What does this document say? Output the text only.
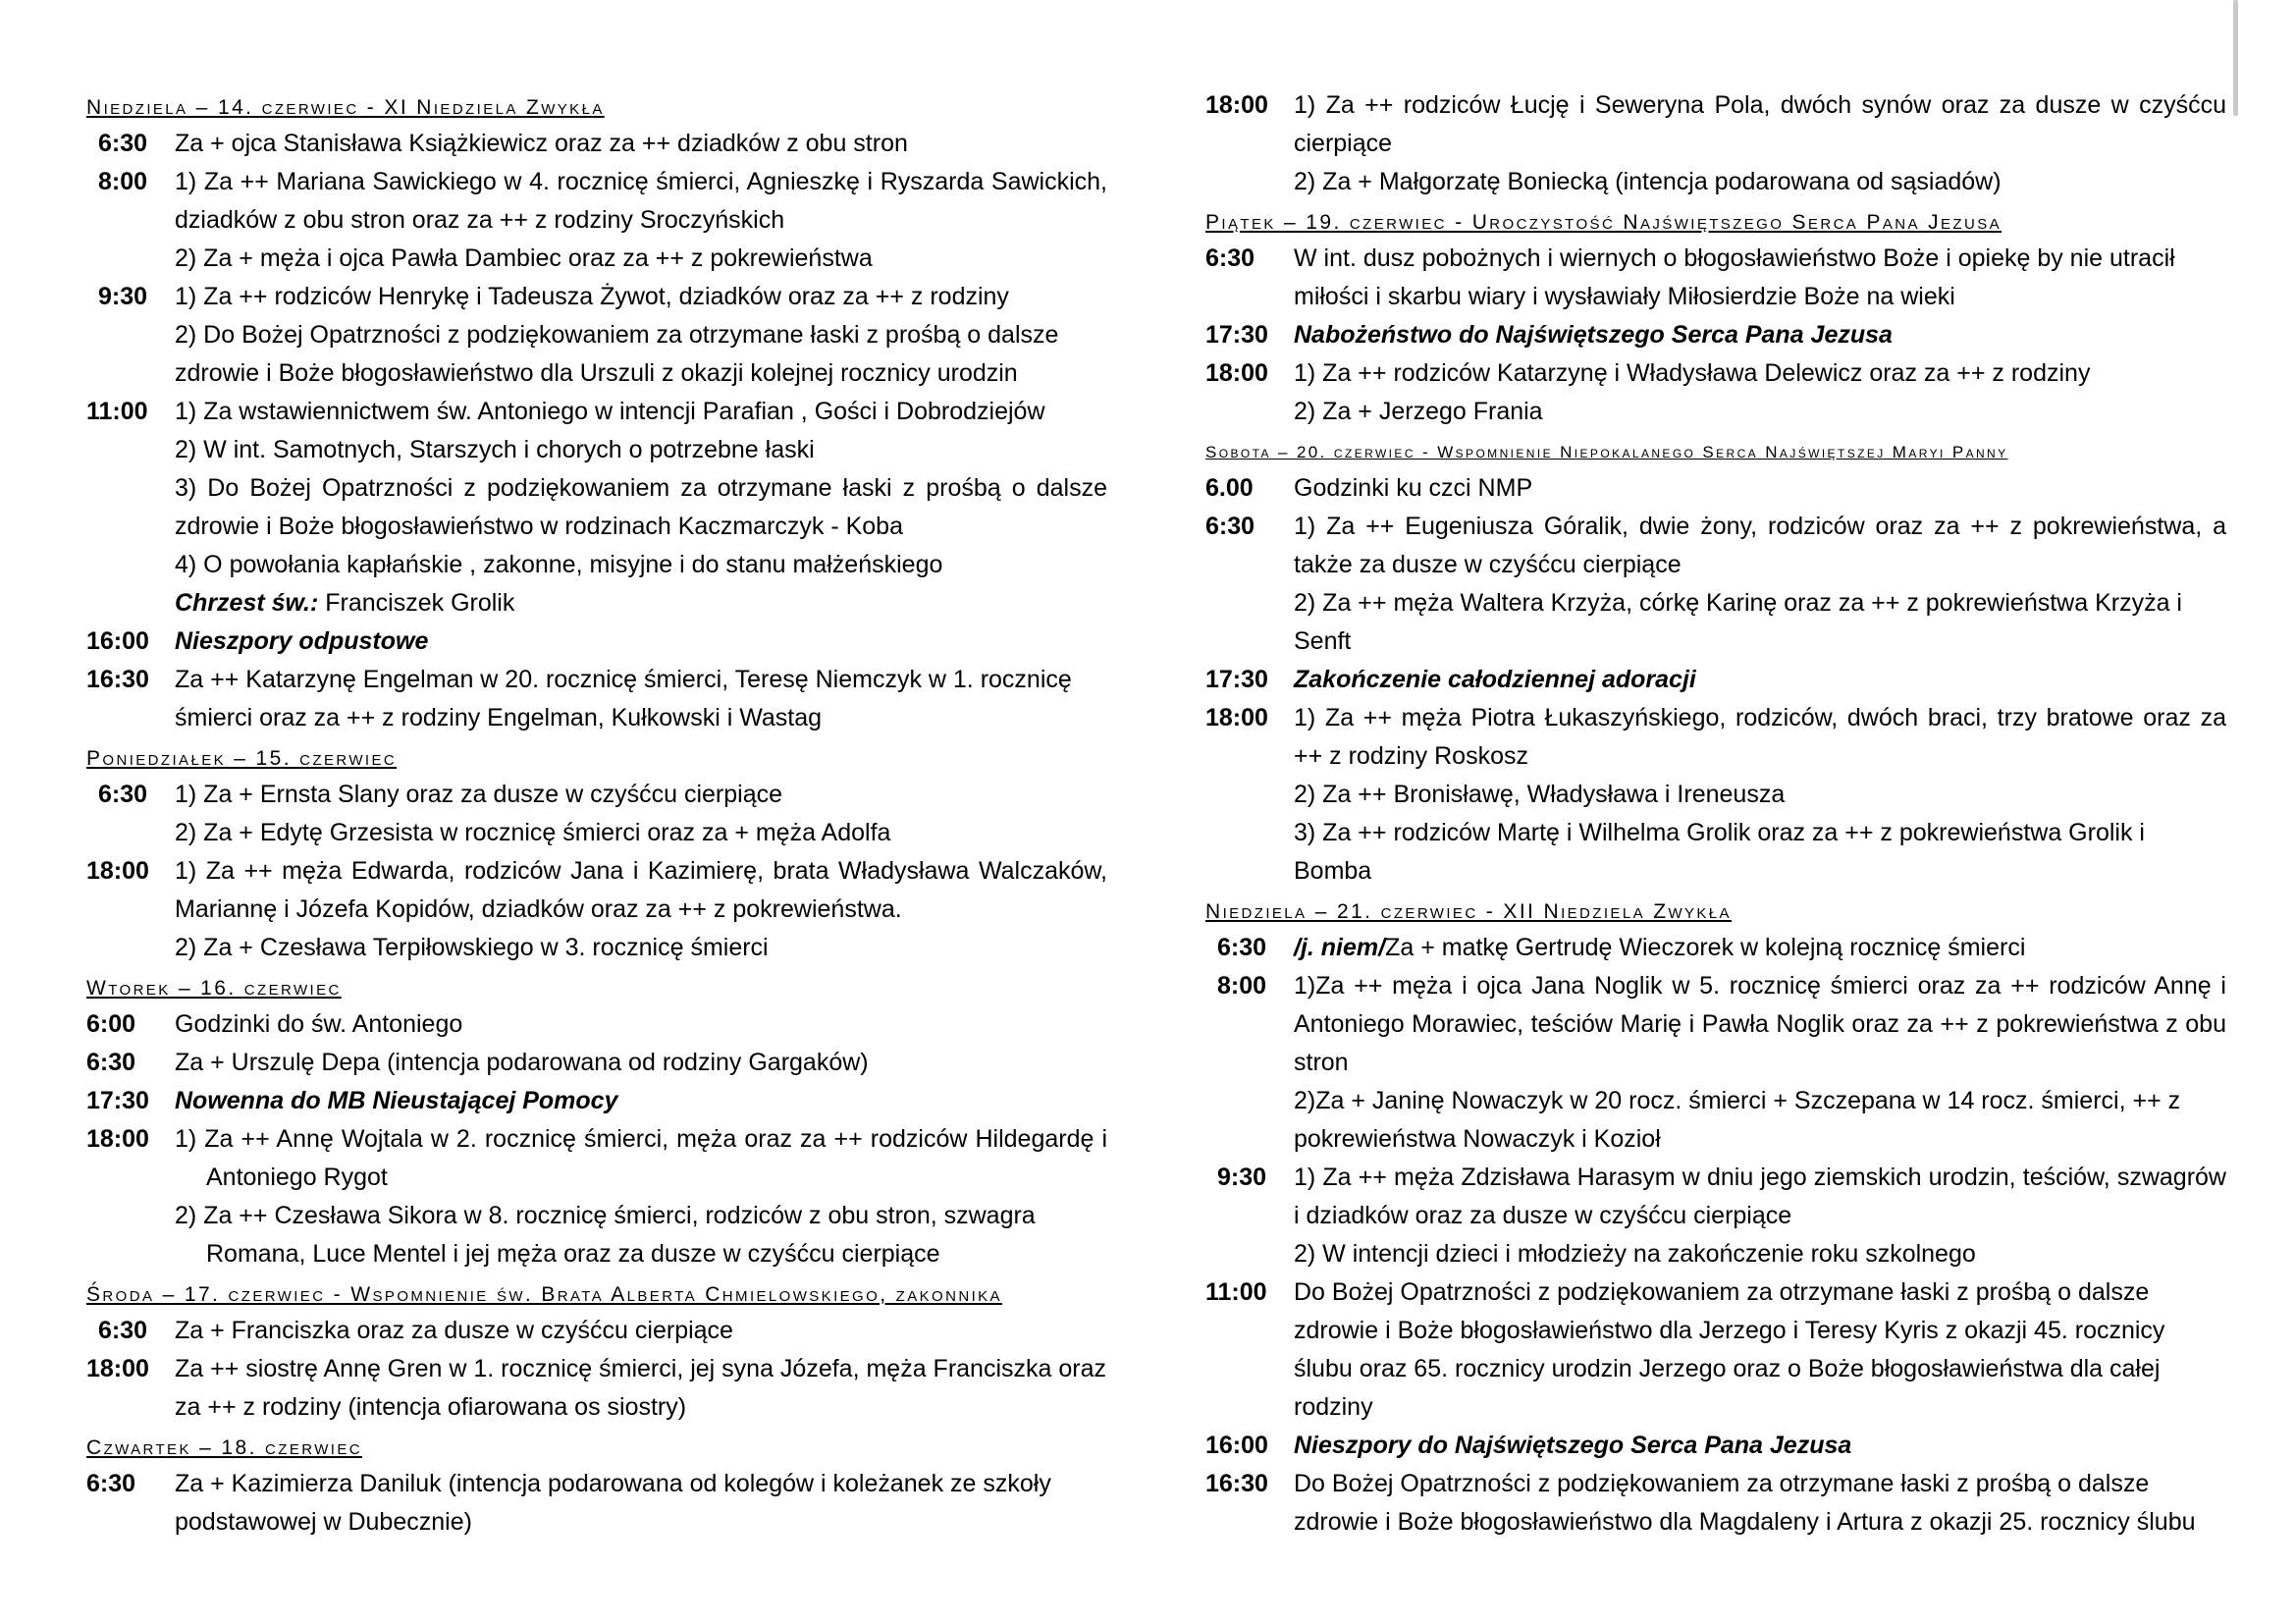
Niedziela – 14. czerwiec - XI Niedziela Zwykła
6:30	Za + ojca Stanisława Książkiewicz oraz za ++ dziadków z obu stron
8:00	1) Za ++ Mariana Sawickiego w 4. rocznicę śmierci, Agnieszkę i Ryszarda Sawickich, dziadków z obu stron oraz za ++ z rodziny Sroczyńskich
2) Za + męża i ojca Pawła Dambiec oraz za ++ z pokrewieństwa
9:30	1) Za ++ rodziców Henrykę i Tadeusza Żywot, dziadków oraz za ++ z rodziny
2) Do Bożej Opatrzności z podziękowaniem za otrzymane łaski z prośbą o dalsze zdrowie i Boże błogosławieństwo dla Urszuli z okazji kolejnej rocznicy urodzin
11:00	1) Za wstawiennictwem św. Antoniego w intencji Parafian , Gości i Dobrodziejów
2) W int. Samotnych, Starszych i chorych o potrzebne łaski
3) Do Bożej Opatrzności z podziękowaniem za otrzymane łaski z prośbą o dalsze zdrowie i Boże błogosławieństwo w rodzinach Kaczmarczyk - Koba
4) O powołania kapłańskie , zakonne, misyjne i do stanu małżeńskiego
Chrzest św.: Franciszek Grolik
16:00	Nieszpory odpustowe
16:30	Za ++ Katarzynę Engelman w 20. rocznicę śmierci, Teresę Niemczyk w 1. rocznicę śmierci oraz za ++ z rodziny Engelman, Kułkowski i Wastag
Poniedziałek – 15. czerwiec
6:30	1) Za + Ernsta Slany oraz za dusze w czyśćcu cierpiące
2) Za + Edytę Grzesista w rocznicę śmierci oraz za + męża Adolfa
18:00	1) Za ++ męża Edwarda, rodziców Jana i Kazimierę, brata Władysława Walczaków, Mariannę i Józefa Kopidów, dziadków oraz za ++ z pokrewieństwa.
2) Za + Czesława Terpiłowskiego w 3. rocznicę śmierci
Wtorek – 16. czerwiec
6:00	Godzinki do św. Antoniego
6:30	Za + Urszulę Depa (intencja podarowana od rodziny Gargaków)
17:30	Nowenna do MB Nieustającej Pomocy
18:00	1) Za ++ Annę Wojtala w 2. rocznicę śmierci, męża oraz za ++ rodziców Hildegardę i Antoniego Rygot
2) Za ++ Czesława Sikora w 8. rocznicę śmierci, rodziców z obu stron, szwagra Romana, Luce Mentel i jej męża oraz za dusze w czyśćcu cierpiące
Środa – 17. czerwiec - Wspomnienie św. Brata Alberta Chmielowskiego, zakonnika
6:30	Za + Franciszka oraz za dusze w czyśćcu cierpiące
18:00	Za ++ siostrę Annę Gren w 1. rocznicę śmierci, jej syna Józefa, męża Franciszka oraz za ++ z rodziny (intencja ofiarowana os siostry)
Czwartek – 18. czerwiec
6:30	Za + Kazimierza Daniluk (intencja podarowana od kolegów i koleżanek ze szkoły podstawowej w Dubecznie)
18:00	1) Za ++ rodziców Łucję i Seweryna Pola, dwóch synów oraz za dusze w czyśćcu cierpiące
2) Za + Małgorzatę Boniecką (intencja podarowana od sąsiadów)
Piątek – 19. czerwiec - Uroczystość Najświętszego Serca Pana Jezusa
6:30	W int. dusz pobożnych i wiernych o błogosławieństwo Boże i opiekę by nie utracił miłości i skarbu wiary i wysławiały Miłosierdzie Boże na wieki
17:30	Nabożeństwo do Najświętszego Serca Pana Jezusa
18:00	1) Za ++ rodziców Katarzynę i Władysława Delewicz oraz za ++ z rodziny
2) Za + Jerzego Frania
Sobota – 20. czerwiec - Wspomnienie Niepokalanego Serca Najświętszej Maryi Panny
6.00	Godzinki ku czci NMP
6:30	1) Za ++ Eugeniusza Góralik, dwie żony, rodziców oraz za ++ z pokrewieństwa, a także za dusze w czyśćcu cierpiące
2) Za ++ męża Waltera Krzyża, córkę Karinę oraz za ++ z pokrewieństwa Krzyża i Senft
17:30	Zakończenie całodziennej adoracji
18:00	1) Za ++ męża Piotra Łukaszyńskiego, rodziców, dwóch braci, trzy bratowe oraz za ++ z rodziny Roskosz
2) Za ++ Bronisławę, Władysława i Ireneusza
3) Za ++ rodziców Martę i Wilhelma Grolik oraz za ++ z pokrewieństwa Grolik i Bomba
Niedziela – 21. czerwiec - XII Niedziela Zwykła
6:30	/j. niem/Za + matkę Gertrudę Wieczorek w kolejną rocznicę śmierci
8:00	1)Za ++ męża i ojca Jana Noglik w 5. rocznicę śmierci oraz za ++ rodziców Annę i Antoniego Morawiec, teściów Marię i Pawła Noglik oraz za ++ z pokrewieństwa z obu stron
2)Za + Janinę Nowaczyk w 20 rocz. śmierci + Szczepana w 14 rocz. śmierci, ++ z pokrewieństwa Nowaczyk i Kozioł
9:30	1) Za ++ męża Zdzisława Harasym w dniu jego ziemskich urodzin, teściów, szwagrów i dziadków oraz za dusze w czyśćcu cierpiące
2) W intencji dzieci i młodzieży na zakończenie roku szkolnego
11:00	Do Bożej Opatrzności z podziękowaniem za otrzymane łaski z prośbą o dalsze zdrowie i Boże błogosławieństwo dla Jerzego i Teresy Kyris z okazji 45. rocznicy ślubu oraz 65. rocznicy urodzin Jerzego oraz o Boże błogosławieństwa dla całej rodziny
16:00	Nieszpory do Najświętszego Serca Pana Jezusa
16:30	Do Bożej Opatrzności z podziękowaniem za otrzymane łaski z prośbą o dalsze zdrowie i Boże błogosławieństwo dla Magdaleny i Artura z okazji 25. rocznicy ślubu
